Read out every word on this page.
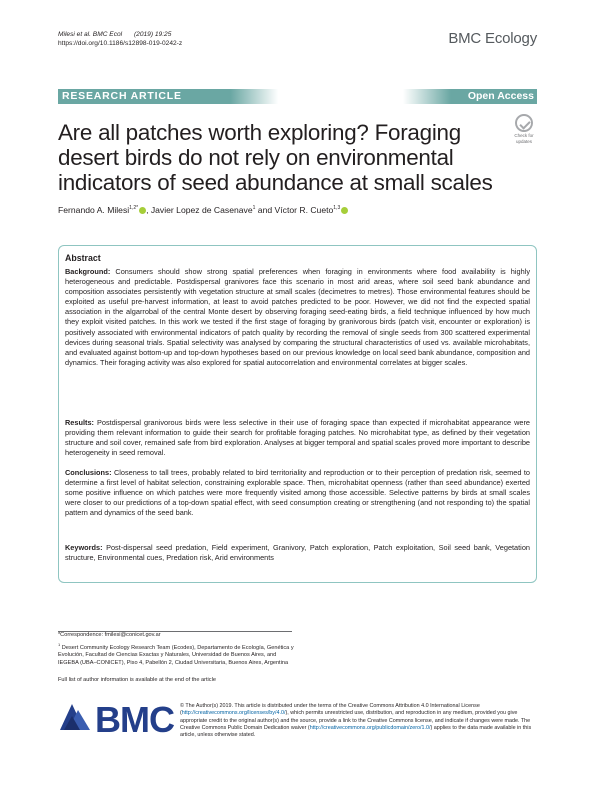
Milesi et al. BMC Ecol (2019) 19:25
https://doi.org/10.1186/s12898-019-0242-z	BMC Ecology
RESEARCH ARTICLE	Open Access
Are all patches worth exploring? Foraging desert birds do not rely on environmental indicators of seed abundance at small scales
Check for
updates
Fernando A. Milesi$^{1,2*}$ , Javier Lopez de Casenave$^1$ and Víctor R. Cueto$^{1,3}$
Abstract
Background: Consumers should show strong spatial preferences when foraging in environments where food availability is highly heterogeneous and predictable. Postdispersal granivores face this scenario in most arid areas, where soil seed bank abundance and composition associates persistently with vegetation structure at small scales (decimetres to metres). Those environmental features should be exploited as useful pre-harvest information, at least to avoid patches predicted to be poor. However, we did not find the expected spatial association in the algarrobal of the central Monte desert by observing foraging seed-eating birds, a field technique influenced by how much they exploit visited patches. In this work we tested if the first stage of foraging by granivorous birds (patch visit, encounter or exploration) is positively associated with environmental indicators of patch quality by recording the removal of single seeds from 300 scattered experimental devices during seasonal trials. Spatial selectivity was analysed by comparing the structural characteristics of used vs. available microhabitats, and evaluated against bottom-up and top-down hypotheses based on our previous knowledge on local seed bank abundance, composition and dynamics. Their foraging activity was also explored for spatial autocorrelation and environmental correlates at bigger scales.
Results: Postdispersal granivorous birds were less selective in their use of foraging space than expected if microhabitat appearance were providing them relevant information to guide their search for profitable foraging patches. No microhabitat type, as defined by their vegetation structure and soil cover, remained safe from bird exploration. Analyses at bigger temporal and spatial scales proved more important to describe heterogeneity in seed removal.
Conclusions: Closeness to tall trees, probably related to bird territoriality and reproduction or to their perception of predation risk, seemed to determine a first level of habitat selection, constraining explorable space. Then, microhabitat openness (rather than seed abundance) exerted some positive influence on which patches were more frequently visited among those accessible. Selective patterns by birds at small scales were closer to our predictions of a top-down spatial effect, with seed consumption creating or strengthening (and not responding to) the spatial pattern and dynamics of the seed bank.
Keywords: Post-dispersal seed predation, Field experiment, Granivory, Patch exploration, Patch exploitation, Soil seed bank, Vegetation structure, Environmental cues, Predation risk, Arid environments
*Correspondence: fmilesi@conicet.gov.ar
$^1$ Desert Community Ecology Research Team (Ecodes), Departamento de Ecología, Genética y Evolución, Facultad de Ciencias Exactas y Naturales, Universidad de Buenos Aires, and IEGEBA (UBA–CONICET), Piso 4, Pabellón 2, Ciudad Universitaria, Buenos Aires, Argentina
Full list of author information is available at the end of the article
BMC © The Author(s) 2019. This article is distributed under the terms of the Creative Commons Attribution 4.0 International License (http://creativecommons.org/licenses/by/4.0/), which permits unrestricted use, distribution, and reproduction in any medium, provided you give appropriate credit to the original author(s) and the source, provide a link to the Creative Commons license, and indicate if changes were made. The Creative Commons Public Domain Dedication waiver (http://creativecommons.org/publicdomain/zero/1.0/) applies to the data made available in this article, unless otherwise stated.
